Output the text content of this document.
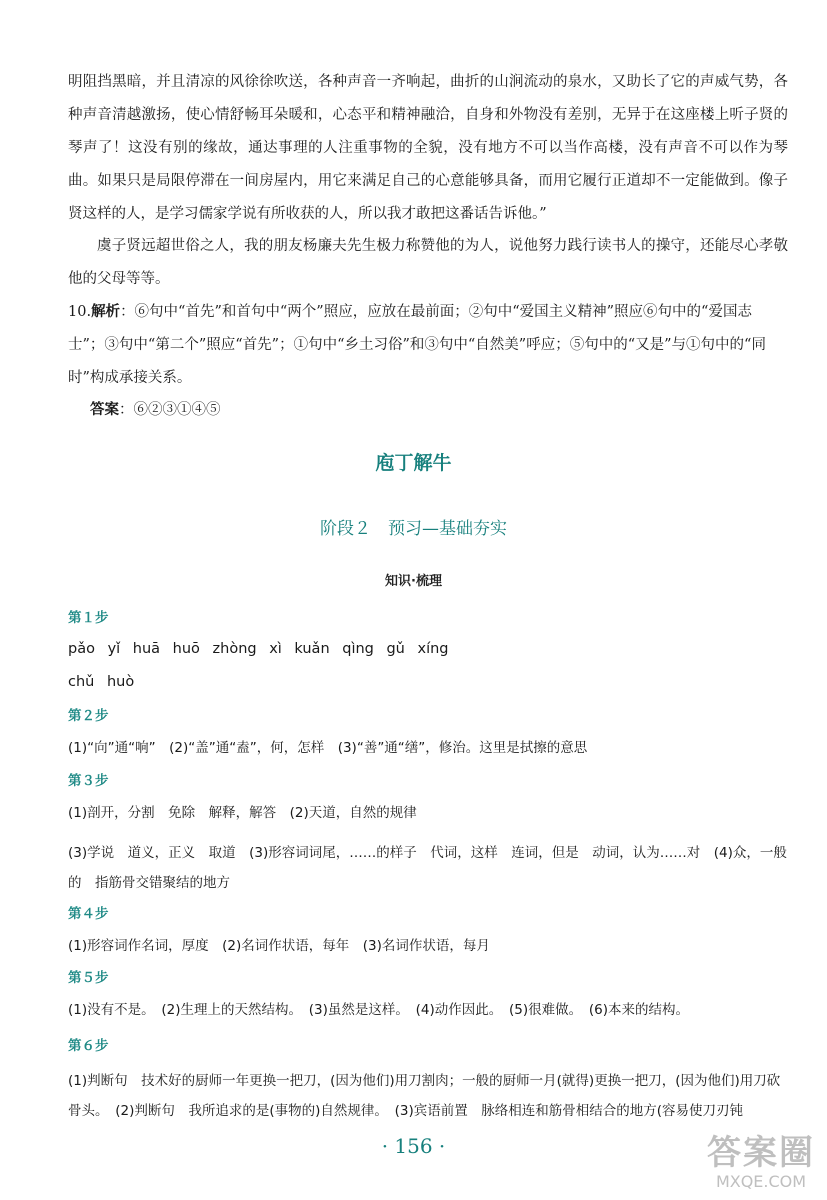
明阻挡黑暗，并且清凉的风徐徐吹送，各种声音一齐响起，曲折的山涧流动的泉水，又助长了它的声威气势，各种声音清越激扬，使心情舒畅耳朵暖和，心态平和精神融洽，自身和外物没有差别，无异于在这座楼上听子贤的琴声了！这没有别的缘故，通达事理的人注重事物的全貌，没有地方不可以当作高楼，没有声音不可以作为琴曲。如果只是局限停滞在一间房屋内，用它来满足自己的心意能够具备，而用它履行正道却不一定能做到。像子贤这样的人，是学习儒家学说有所收获的人，所以我才敢把这番话告诉他。”

虞子贤远超世俗之人，我的朋友杨廉夫先生极力称赞他的为人，说他努力践行读书人的操守，还能尽心孝敬他的父母等等。

10.解析：⑥句中“首先”和首句中“两个”照应，应放在最前面；②句中“爱国主义精神”照应⑥句中的“爱国志士”；③句中“第二个”照应“首先”；①句中“乡土习俗”和③句中“自然美”呼应；⑤句中的“又是”与①句中的“同时”构成承接关系。

答案：⑥②③①④⑤

庖丁解牛
阶段２　预习—基础夯实
知识·梳理

第１步

pǎo yǐ huā huō zhòng xì kuǎn qìng gǔ xíng

chǔ huò

第２步

(1)“向”通“响”　(2)“盖”通“盍”，何，怎样　(3)“善”通“缮”，修治。这里是拭擦的意思

第３步

(1)剖开，分割　免除　解释，解答　(2)天道，自然的规律

(3)学说　道义，正义　取道　(3)形容词词尾，……的样子　代词，这样　连词，但是　动词，认为……对　(4)众，一般的　指筋骨交错聚结的地方

第４步

(1)形容词作名词，厚度　(2)名词作状语，每年　(3)名词作状语，每月

第５步

(1)没有不是。　(2)生理上的天然结构。　(3)虽然是这样。　(4)动作因此。　(5)很难做。　(6)本来的结构。

第６步

(1)判断句　技术好的厨师一年更换一把刀，(因为他们)用刀割肉；一般的厨师一月(就得)更换一把刀，(因为他们)用刀砍骨头。　(2)判断句　我所追求的是(事物的)自然规律。　(3)宾语前置　脉络相连和筋骨相结合的地方(容易使刀刃钝

· 156 ·	答案圈
MXQE.COM
